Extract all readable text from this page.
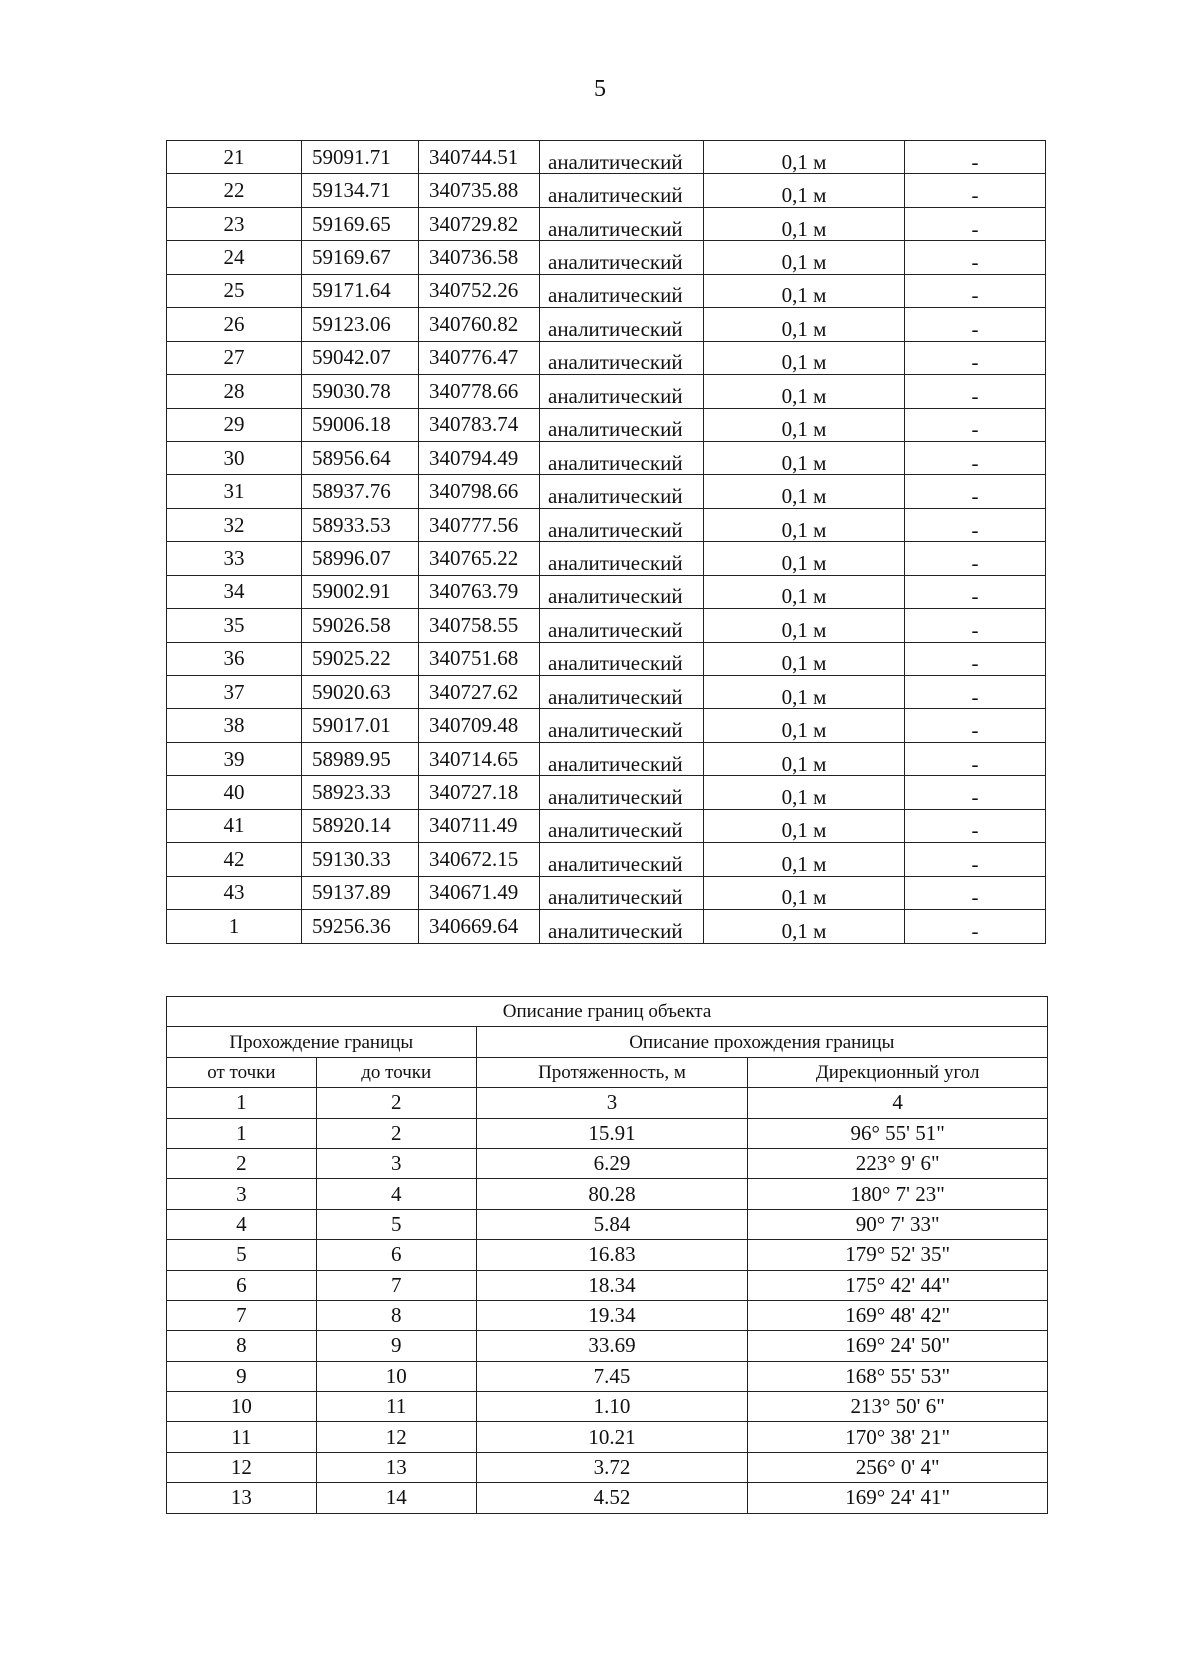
5
21	59091.71	340744.51	аналитический	0,1 м	-
22	59134.71	340735.88	аналитический	0,1 м	-
23	59169.65	340729.82	аналитический	0,1 м	-
24	59169.67	340736.58	аналитический	0,1 м	-
25	59171.64	340752.26	аналитический	0,1 м	-
26	59123.06	340760.82	аналитический	0,1 м	-
27	59042.07	340776.47	аналитический	0,1 м	-
28	59030.78	340778.66	аналитический	0,1 м	-
29	59006.18	340783.74	аналитический	0,1 м	-
30	58956.64	340794.49	аналитический	0,1 м	-
31	58937.76	340798.66	аналитический	0,1 м	-
32	58933.53	340777.56	аналитический	0,1 м	-
33	58996.07	340765.22	аналитический	0,1 м	-
34	59002.91	340763.79	аналитический	0,1 м	-
35	59026.58	340758.55	аналитический	0,1 м	-
36	59025.22	340751.68	аналитический	0,1 м	-
37	59020.63	340727.62	аналитический	0,1 м	-
38	59017.01	340709.48	аналитический	0,1 м	-
39	58989.95	340714.65	аналитический	0,1 м	-
40	58923.33	340727.18	аналитический	0,1 м	-
41	58920.14	340711.49	аналитический	0,1 м	-
42	59130.33	340672.15	аналитический	0,1 м	-
43	59137.89	340671.49	аналитический	0,1 м	-
1	59256.36	340669.64	аналитический	0,1 м	-
Описание границ объекта			
Прохождение границы		Описание прохождения границы	
от точки	до точки	Протяженность, м	Дирекционный угол
1	2	3	4
1	2	15.91	96° 55' 51"
2	3	6.29	223° 9' 6"
3	4	80.28	180° 7' 23"
4	5	5.84	90° 7' 33"
5	6	16.83	179° 52' 35"
6	7	18.34	175° 42' 44"
7	8	19.34	169° 48' 42"
8	9	33.69	169° 24' 50"
9	10	7.45	168° 55' 53"
10	11	1.10	213° 50' 6"
11	12	10.21	170° 38' 21"
12	13	3.72	256° 0' 4"
13	14	4.52	169° 24' 41"
